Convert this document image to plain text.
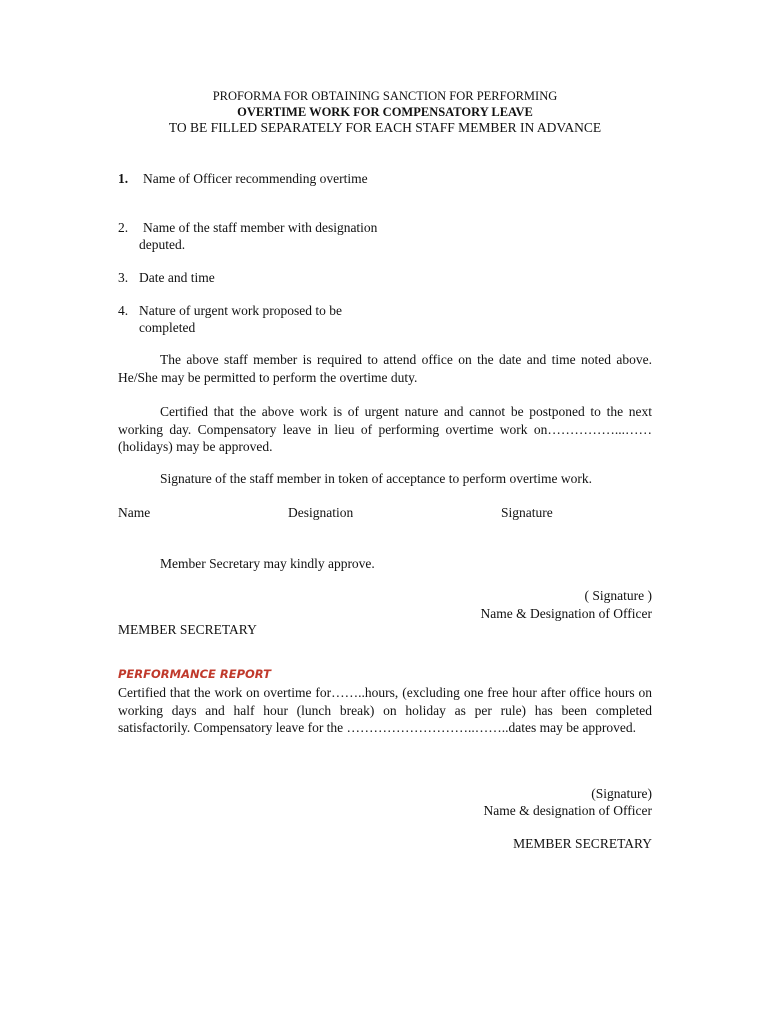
PROFORMA FOR OBTAINING SANCTION FOR PERFORMING
OVERTIME WORK FOR COMPENSATORY LEAVE
TO BE FILLED SEPARATELY FOR EACH STAFF MEMBER IN ADVANCE
1. Name of Officer recommending overtime
2. Name of the staff member with designation
deputed.
3. Date and time
4. Nature of urgent work proposed to be
completed
The above staff member is required to attend office on the date and time noted above. He/She may be permitted to perform the overtime duty.
Certified that the above work is of urgent nature and cannot be postponed to the next working day. Compensatory leave in lieu of performing overtime work on……………...…… (holidays) may be approved.
Signature of the staff member in token of acceptance to perform overtime work.
Name	Designation	Signature
Member Secretary may kindly approve.
( Signature )
Name & Designation of Officer
MEMBER SECRETARY
PERFORMANCE REPORT
Certified that the work on overtime for……..hours, (excluding one free hour after office hours on working days and half hour (lunch break) on holiday as per rule) has been completed satisfactorily. Compensatory leave for the ………………………..……..dates may be approved.
(Signature)
Name & designation of Officer
MEMBER SECRETARY
